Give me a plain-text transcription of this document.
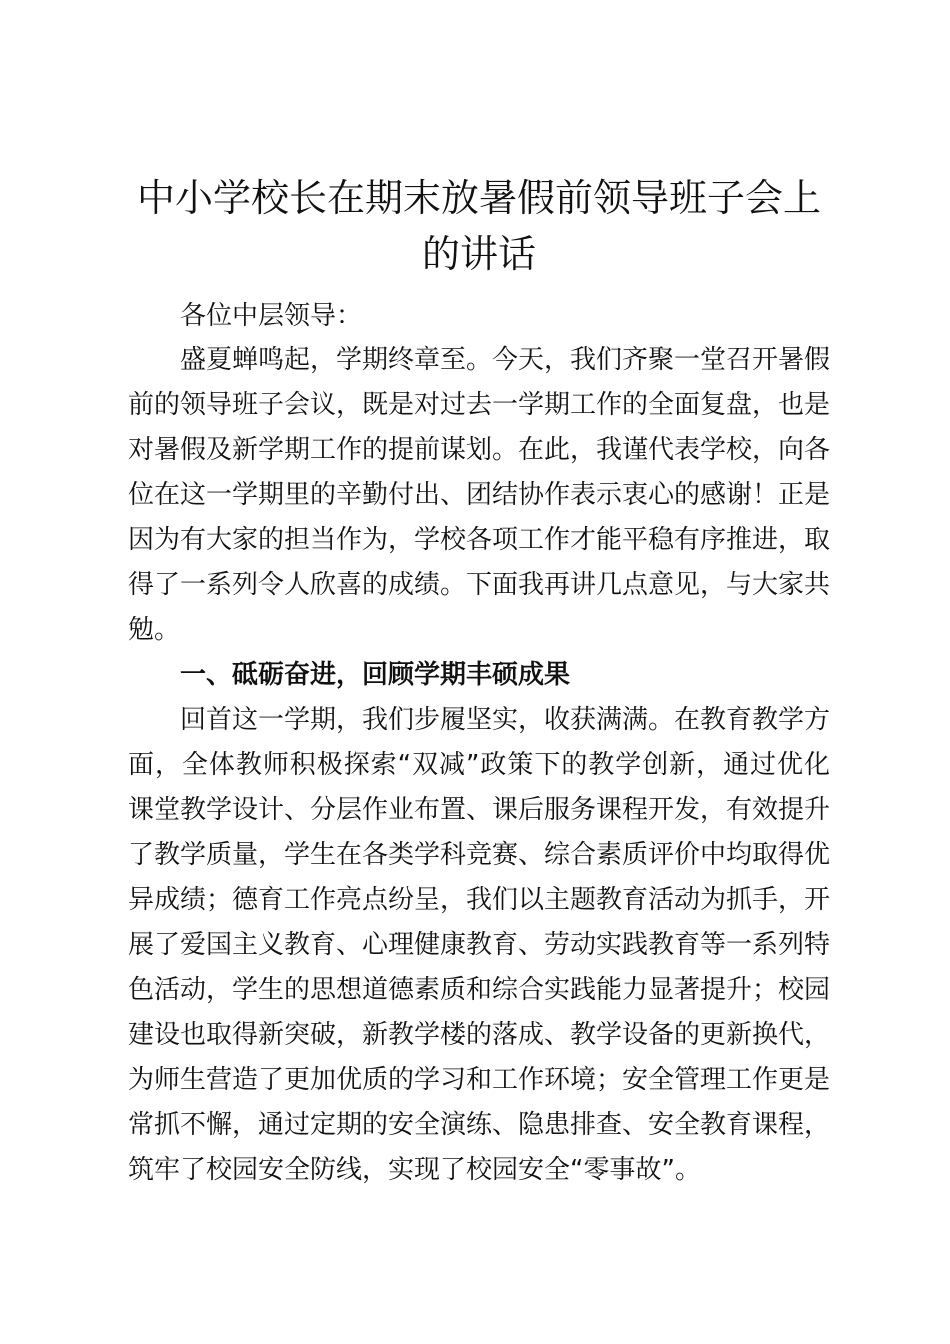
中小学校长在期末放暑假前领导班子会上的讲话

各位中层领导：

盛夏蝉鸣起，学期终章至。今天，我们齐聚一堂召开暑假前的领导班子会议，既是对过去一学期工作的全面复盘，也是对暑假及新学期工作的提前谋划。在此，我谨代表学校，向各位在这一学期里的辛勤付出、团结协作表示衷心的感谢！正是因为有大家的担当作为，学校各项工作才能平稳有序推进，取得了一系列令人欣喜的成绩。下面我再讲几点意见，与大家共勉。

一、砥砺奋进，回顾学期丰硕成果

回首这一学期，我们步履坚实，收获满满。在教育教学方面，全体教师积极探索“双减”政策下的教学创新，通过优化课堂教学设计、分层作业布置、课后服务课程开发，有效提升了教学质量，学生在各类学科竞赛、综合素质评价中均取得优异成绩；德育工作亮点纷呈，我们以主题教育活动为抓手，开展了爱国主义教育、心理健康教育、劳动实践教育等一系列特色活动，学生的思想道德素质和综合实践能力显著提升；校园建设也取得新突破，新教学楼的落成、教学设备的更新换代，为师生营造了更加优质的学习和工作环境；安全管理工作更是常抓不懈，通过定期的安全演练、隐患排查、安全教育课程，筑牢了校园安全防线，实现了校园安全“零事故”。
